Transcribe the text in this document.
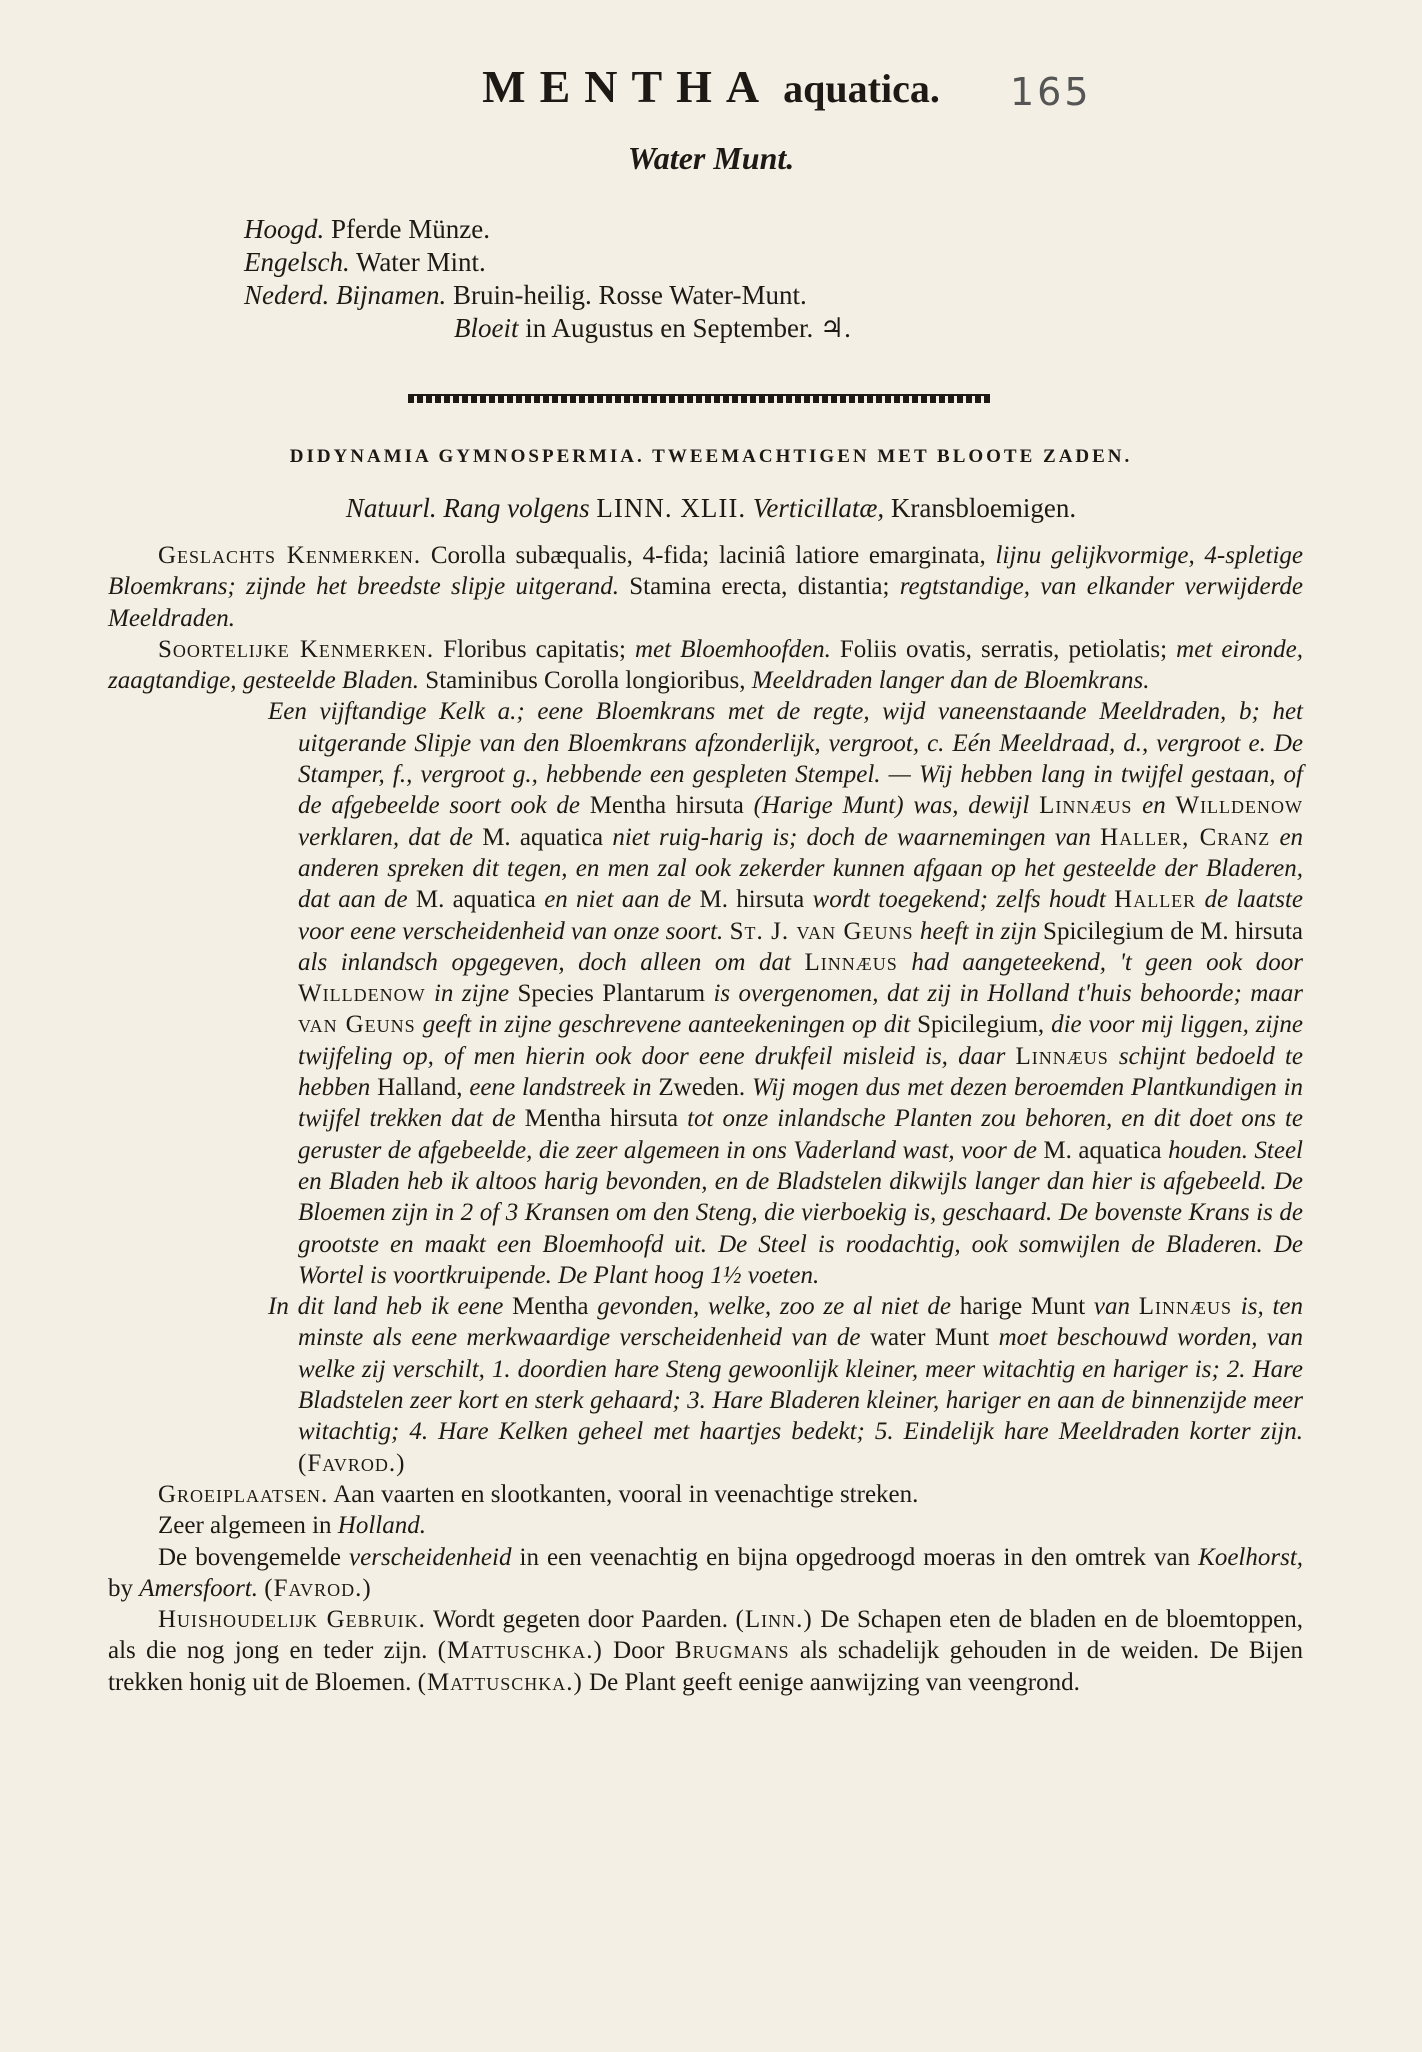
MENTHA aquatica.	165
Water Munt.
Hoogd. Pferde Münze.
Engelsch. Water Mint.
Nederd. Bijnamen. Bruin-heilig. Rosse Water-Munt.
Bloeit in Augustus en September. ♃.
DIDYNAMIA GYMNOSPERMIA. TWEEMACHTIGEN MET BLOOTE ZADEN.
Natuurl. Rang volgens LINN. XLII. Verticillatæ, Kransbloemigen.

Geslachts Kenmerken. Corolla subæqualis, 4-fida; laciniâ latiore emarginata, lijnu gelijkvormige, 4-spletige Bloemkrans; zijnde het breedste slipje uitgerand. Stamina erecta, distantia; regtstandige, van elkander verwijderde Meeldraden.

Soortelijke Kenmerken. Floribus capitatis; met Bloemhoofden. Foliis ovatis, serratis, petiolatis; met eironde, zaagtandige, gesteelde Bladen. Staminibus Corolla longioribus, Meeldraden langer dan de Bloemkrans.

Een vijftandige Kelk a.; eene Bloemkrans met de regte, wijd vaneenstaande Meeldraden, b; het uitgerande Slipje van den Bloemkrans afzonderlijk, vergroot, c. Eén Meeldraad, d., vergroot e. De Stamper, f., vergroot g., hebbende een gespleten Stempel. — Wij hebben lang in twijfel gestaan, of de afgebeelde soort ook de Mentha hirsuta (Harige Munt) was, dewijl Linnæus en Willdenow verklaren, dat de M. aquatica niet ruig-harig is; doch de waarnemingen van Haller, Cranz en anderen spreken dit tegen, en men zal ook zekerder kunnen afgaan op het gesteelde der Bladeren, dat aan de M. aquatica en niet aan de M. hirsuta wordt toegekend; zelfs houdt Haller de laatste voor eene verscheidenheid van onze soort. St. J. van Geuns heeft in zijn Spicilegium de M. hirsuta als inlandsch opgegeven, doch alleen om dat Linnæus had aangeteekend, 't geen ook door Willdenow in zijne Species Plantarum is overgenomen, dat zij in Holland t'huis behoorde; maar van Geuns geeft in zijne geschrevene aanteekeningen op dit Spicilegium, die voor mij liggen, zijne twijfeling op, of men hierin ook door eene drukfeil misleid is, daar Linnæus schijnt bedoeld te hebben Halland, eene landstreek in Zweden. Wij mogen dus met dezen beroemden Plantkundigen in twijfel trekken dat de Mentha hirsuta tot onze inlandsche Planten zou behoren, en dit doet ons te geruster de afgebeelde, die zeer algemeen in ons Vaderland wast, voor de M. aquatica houden. Steel en Bladen heb ik altoos harig bevonden, en de Bladstelen dikwijls langer dan hier is afgebeeld. De Bloemen zijn in 2 of 3 Kransen om den Steng, die vierboekig is, geschaard. De bovenste Krans is de grootste en maakt een Bloemhoofd uit. De Steel is roodachtig, ook somwijlen de Bladeren. De Wortel is voortkruipende. De Plant hoog 1½ voeten.

In dit land heb ik eene Mentha gevonden, welke, zoo ze al niet de harige Munt van Linnæus is, ten minste als eene merkwaardige verscheidenheid van de water Munt moet beschouwd worden, van welke zij verschilt, 1. doordien hare Steng gewoonlijk kleiner, meer witachtig en hariger is; 2. Hare Bladstelen zeer kort en sterk gehaard; 3. Hare Bladeren kleiner, hariger en aan de binnenzijde meer witachtig; 4. Hare Kelken geheel met haartjes bedekt; 5. Eindelijk hare Meeldraden korter zijn. (Favrod.)

Groeiplaatsen. Aan vaarten en slootkanten, vooral in veenachtige streken.

Zeer algemeen in Holland.

De bovengemelde verscheidenheid in een veenachtig en bijna opgedroogd moeras in den omtrek van Koelhorst, by Amersfoort. (Favrod.)

Huishoudelijk Gebruik. Wordt gegeten door Paarden. (Linn.) De Schapen eten de bladen en de bloemtoppen, als die nog jong en teder zijn. (Mattuschka.) Door Brugmans als schadelijk gehouden in de weiden. De Bijen trekken honig uit de Bloemen. (Mattuschka.) De Plant geeft eenige aanwijzing van veengrond.
